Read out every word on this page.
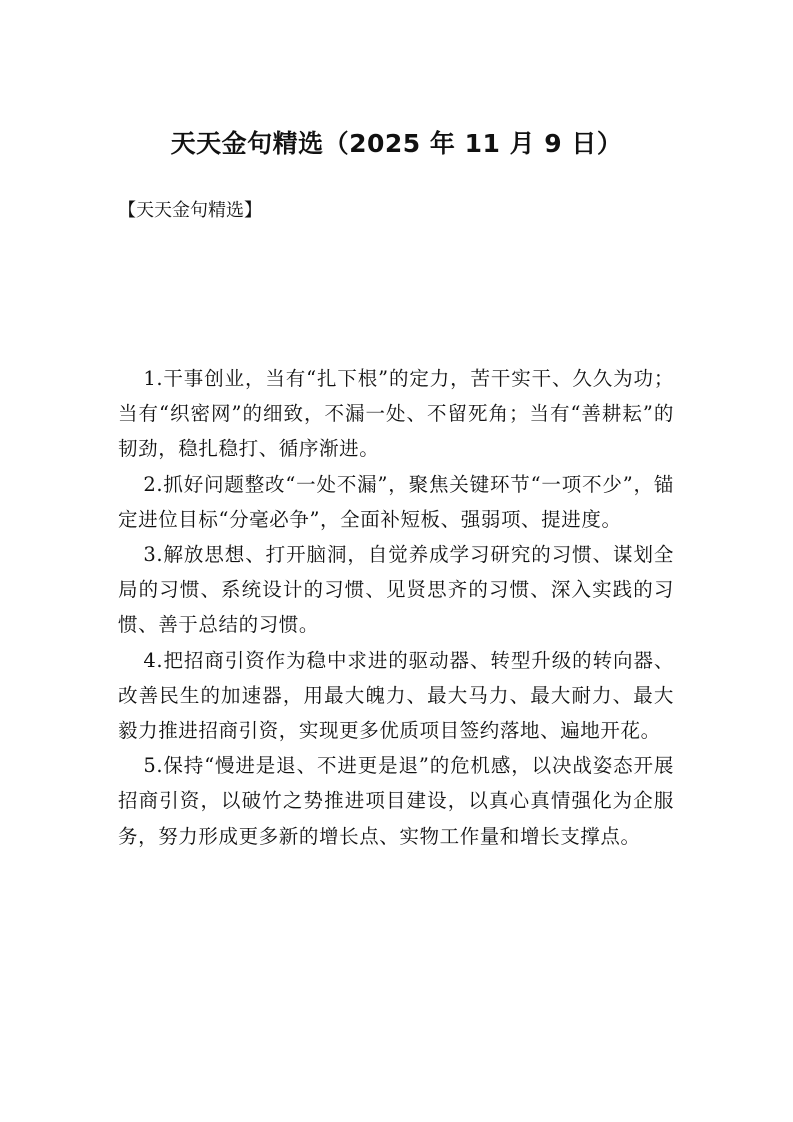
天天金句精选（2025 年 11 月 9 日）

【天天金句精选】

1.干事创业，当有“扎下根”的定力，苦干实干、久久为功；当有“织密网”的细致，不漏一处、不留死角；当有“善耕耘”的韧劲，稳扎稳打、循序渐进。

2.抓好问题整改“一处不漏”，聚焦关键环节“一项不少”，锚定进位目标“分毫必争”，全面补短板、强弱项、提进度。

3.解放思想、打开脑洞，自觉养成学习研究的习惯、谋划全局的习惯、系统设计的习惯、见贤思齐的习惯、深入实践的习惯、善于总结的习惯。

4.把招商引资作为稳中求进的驱动器、转型升级的转向器、改善民生的加速器，用最大魄力、最大马力、最大耐力、最大毅力推进招商引资，实现更多优质项目签约落地、遍地开花。

5.保持“慢进是退、不进更是退”的危机感，以决战姿态开展招商引资，以破竹之势推进项目建设，以真心真情强化为企服务，努力形成更多新的增长点、实物工作量和增长支撑点。
